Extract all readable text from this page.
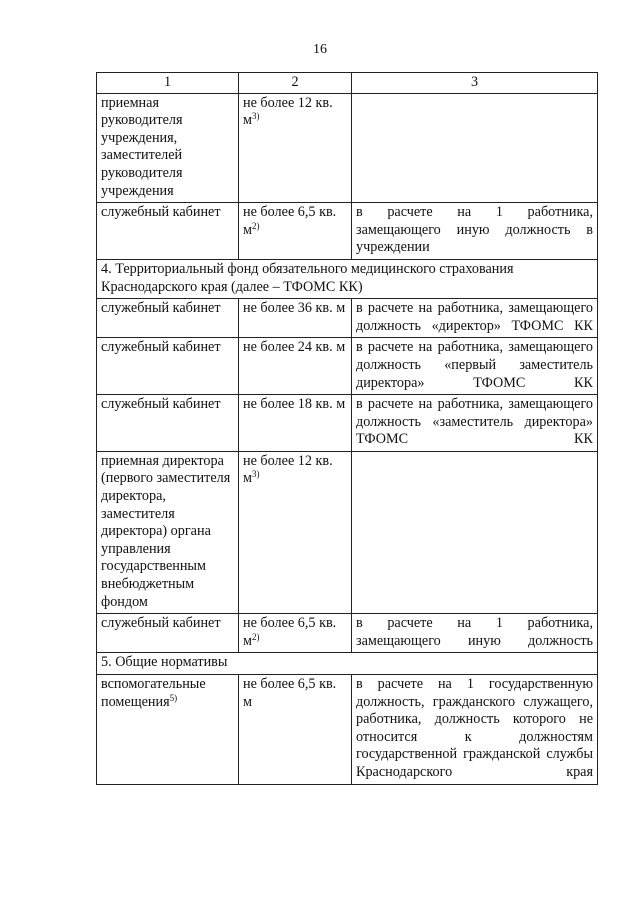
16
1	2	3
приемная руководителя учреждения, заместителей руководителя учреждения	не более 12 кв. $м^{3)}$	
служебный кабинет	не более 6,5 кв. $м^{2)}$	в расчете на 1 работника, замещающего иную должность в учреждении
4. Территориальный фонд обязательного медицинского страхования Краснодарского края (далее – ТФОМС КК)		
служебный кабинет	не более 36 кв. м	в расчете на работника, замещающего должность «директор» ТФОМС КК
служебный кабинет	не более 24 кв. м	в расчете на работника, замещающего должность «первый заместитель директора» ТФОМС КК
служебный кабинет	не более 18 кв. м	в расчете на работника, замещающего должность «заместитель директора» ТФОМС КК
приемная директора (первого заместителя директора, заместителя директора) органа управления государственным внебюджетным фондом	не более 12 кв. $м^{3)}$	
служебный кабинет	не более 6,5 кв. $м^{2)}$	в расчете на 1 работника, замещающего иную должность
5. Общие нормативы		
вспомогательные помещения$^{5)}$	не более 6,5 кв. м	в расчете на 1 государственную должность, гражданского служащего, работника, должность которого не относится к должностям государственной гражданской службы Краснодарского края
